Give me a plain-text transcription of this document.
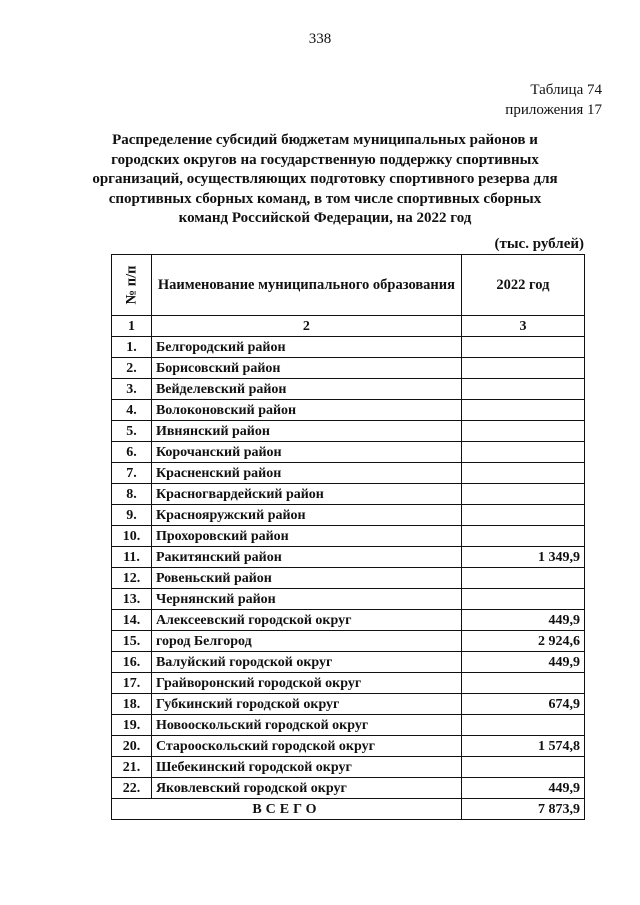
338
Таблица 74
приложения 17
Распределение субсидий бюджетам муниципальных районов и городских округов на государственную поддержку спортивных организаций, осуществляющих подготовку спортивного резерва для спортивных сборных команд, в том числе спортивных сборных команд Российской Федерации, на 2022 год
(тыс. рублей)
№ п/п	Наименование муниципального образования	2022 год
1	2	3
1.	Белгородский район	
2.	Борисовский район	
3.	Вейделевский район	
4.	Волоконовский район	
5.	Ивнянский район	
6.	Корочанский район	
7.	Красненский район	
8.	Красногвардейский район	
9.	Краснояружский район	
10.	Прохоровский район	
11.	Ракитянский район	1 349,9
12.	Ровеньский район	
13.	Чернянский район	
14.	Алексеевский городской округ	449,9
15.	город Белгород	2 924,6
16.	Валуйский городской округ	449,9
17.	Грайворонский городской округ	
18.	Губкинский городской округ	674,9
19.	Новооскольский городской округ	
20.	Старооскольский городской округ	1 574,8
21.	Шебекинский городской округ	
22.	Яковлевский городской округ	449,9
ВСЕГО		7 873,9
